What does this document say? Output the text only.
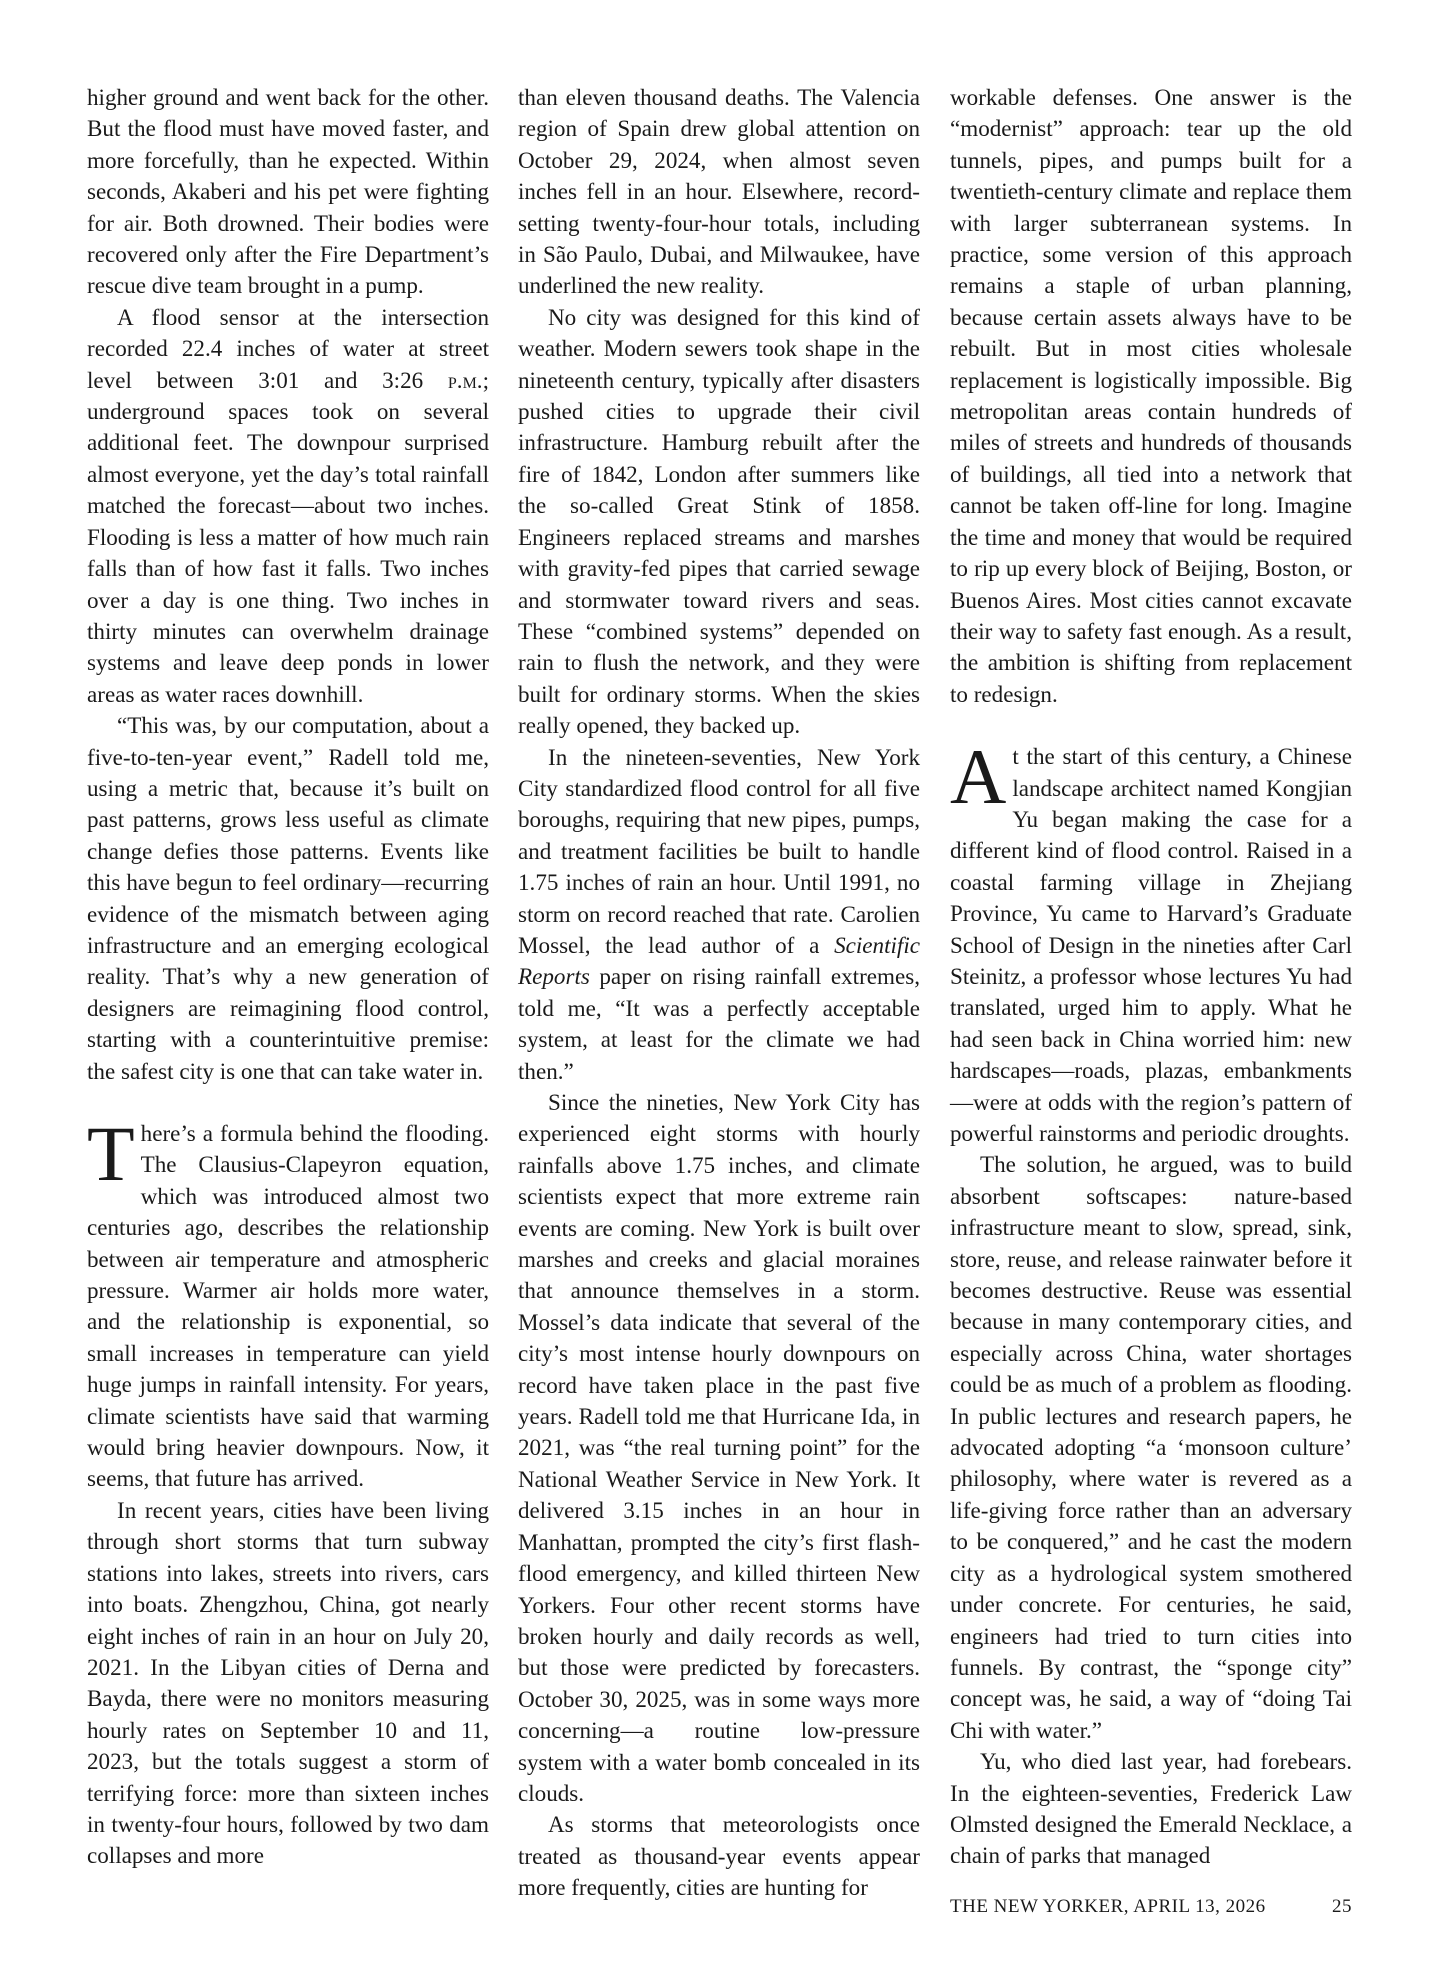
higher ground and went back for the other. But the flood must have moved faster, and more forcefully, than he expected. Within seconds, Akaberi and his pet were fighting for air. Both drowned. Their bodies were recovered only after the Fire Department’s rescue dive team brought in a pump.

A flood sensor at the intersection recorded 22.4 inches of water at street level between 3:01 and 3:26 p.m.; underground spaces took on several additional feet. The downpour surprised almost everyone, yet the day’s total rainfall matched the forecast—about two inches. Flooding is less a matter of how much rain falls than of how fast it falls. Two inches over a day is one thing. Two inches in thirty minutes can overwhelm drainage systems and leave deep ponds in lower areas as water races downhill.

“This was, by our computation, about a five-to-ten-year event,” Radell told me, using a metric that, because it’s built on past patterns, grows less useful as climate change defies those patterns. Events like this have begun to feel ordinary—recurring evidence of the mismatch between aging infrastructure and an emerging ecological reality. That’s why a new generation of designers are reimagining flood control, starting with a counterintuitive premise: the safest city is one that can take water in.

There’s a formula behind the flooding. The Clausius-Clapeyron equation, which was introduced almost two centuries ago, describes the relationship between air temperature and atmospheric pressure. Warmer air holds more water, and the relationship is exponential, so small increases in temperature can yield huge jumps in rainfall intensity. For years, climate scientists have said that warming would bring heavier downpours. Now, it seems, that future has arrived.

In recent years, cities have been living through short storms that turn subway stations into lakes, streets into rivers, cars into boats. Zhengzhou, China, got nearly eight inches of rain in an hour on July 20, 2021. In the Libyan cities of Derna and Bayda, there were no monitors measuring hourly rates on September 10 and 11, 2023, but the totals suggest a storm of terrifying force: more than sixteen inches in twenty-four hours, followed by two dam collapses and more

than eleven thousand deaths. The Valencia region of Spain drew global attention on October 29, 2024, when almost seven inches fell in an hour. Elsewhere, record-setting twenty-four-hour totals, including in São Paulo, Dubai, and Milwaukee, have underlined the new reality.

No city was designed for this kind of weather. Modern sewers took shape in the nineteenth century, typically after disasters pushed cities to upgrade their civil infrastructure. Hamburg rebuilt after the fire of 1842, London after summers like the so-called Great Stink of 1858. Engineers replaced streams and marshes with gravity-fed pipes that carried sewage and stormwater toward rivers and seas. These “combined systems” depended on rain to flush the network, and they were built for ordinary storms. When the skies really opened, they backed up.

In the nineteen-seventies, New York City standardized flood control for all five boroughs, requiring that new pipes, pumps, and treatment facilities be built to handle 1.75 inches of rain an hour. Until 1991, no storm on record reached that rate. Carolien Mossel, the lead author of a Scientific Reports paper on rising rainfall extremes, told me, “It was a perfectly acceptable system, at least for the climate we had then.”

Since the nineties, New York City has experienced eight storms with hourly rainfalls above 1.75 inches, and climate scientists expect that more extreme rain events are coming. New York is built over marshes and creeks and glacial moraines that announce themselves in a storm. Mossel’s data indicate that several of the city’s most intense hourly downpours on record have taken place in the past five years. Radell told me that Hurricane Ida, in 2021, was “the real turning point” for the National Weather Service in New York. It delivered 3.15 inches in an hour in Manhattan, prompted the city’s first flash-flood emergency, and killed thirteen New Yorkers. Four other recent storms have broken hourly and daily records as well, but those were predicted by forecasters. October 30, 2025, was in some ways more concerning—a routine low-pressure system with a water bomb concealed in its clouds.

As storms that meteorologists once treated as thousand-year events appear more frequently, cities are hunting for

workable defenses. One answer is the “modernist” approach: tear up the old tunnels, pipes, and pumps built for a twentieth-century climate and replace them with larger subterranean systems. In practice, some version of this approach remains a staple of urban planning, because certain assets always have to be rebuilt. But in most cities wholesale replacement is logistically impossible. Big metropolitan areas contain hundreds of miles of streets and hundreds of thousands of buildings, all tied into a network that cannot be taken off-line for long. Imagine the time and money that would be required to rip up every block of Beijing, Boston, or Buenos Aires. Most cities cannot excavate their way to safety fast enough. As a result, the ambition is shifting from replacement to redesign.

At the start of this century, a Chinese landscape architect named Kongjian Yu began making the case for a different kind of flood control. Raised in a coastal farming village in Zhejiang Province, Yu came to Harvard’s Graduate School of Design in the nineties after Carl Steinitz, a professor whose lectures Yu had translated, urged him to apply. What he had seen back in China worried him: new hardscapes—roads, plazas, embankments—were at odds with the region’s pattern of powerful rainstorms and periodic droughts.

The solution, he argued, was to build absorbent softscapes: nature-based infrastructure meant to slow, spread, sink, store, reuse, and release rainwater before it becomes destructive. Reuse was essential because in many contemporary cities, and especially across China, water shortages could be as much of a problem as flooding. In public lectures and research papers, he advocated adopting “a ‘monsoon culture’ philosophy, where water is revered as a life-giving force rather than an adversary to be conquered,” and he cast the modern city as a hydrological system smothered under concrete. For centuries, he said, engineers had tried to turn cities into funnels. By contrast, the “sponge city” concept was, he said, a way of “doing Tai Chi with water.”

Yu, who died last year, had forebears. In the eighteen-seventies, Frederick Law Olmsted designed the Emerald Necklace, a chain of parks that managed

THE NEW YORKER, APRIL 13, 2026	25
